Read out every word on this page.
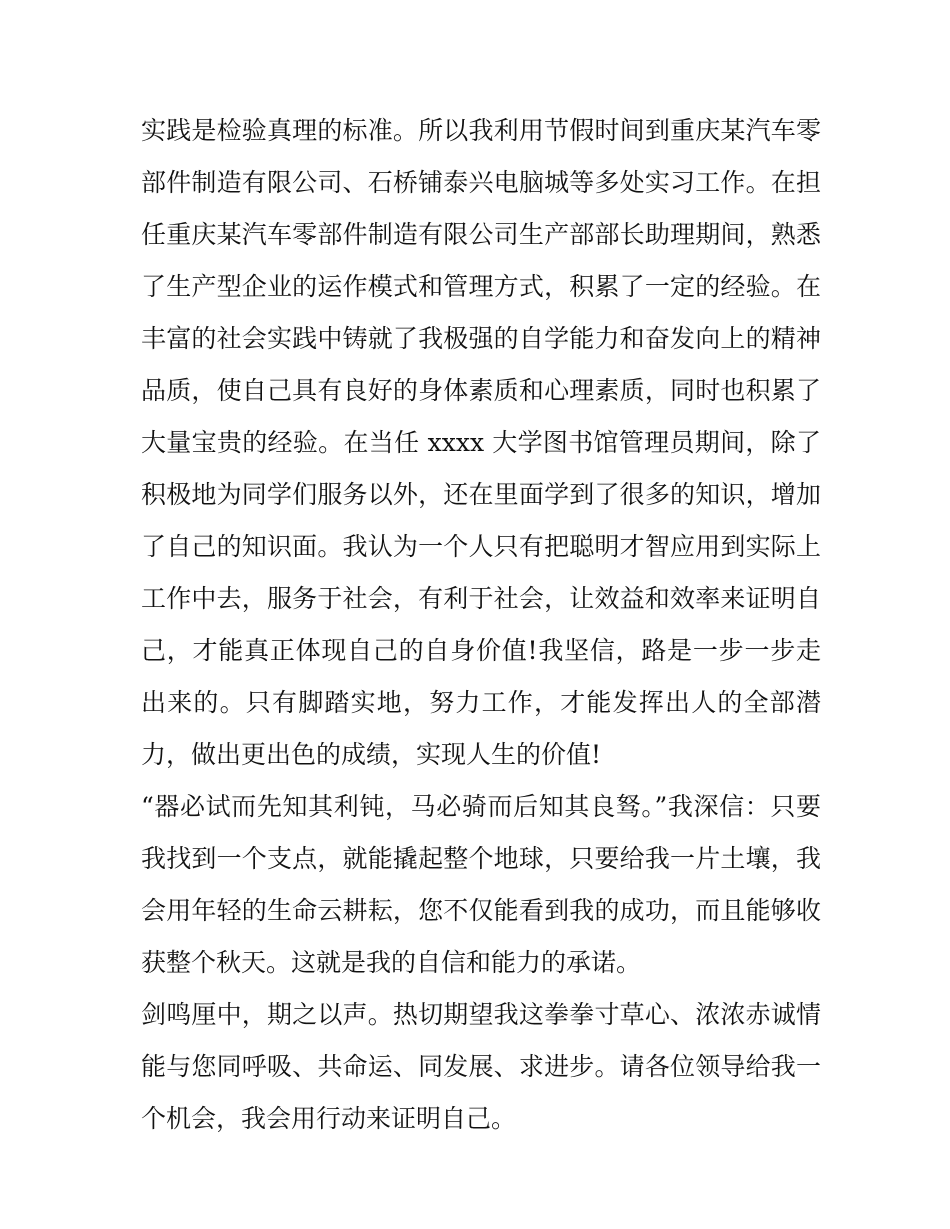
实践是检验真理的标准。所以我利用节假时间到重庆某汽车零
部件制造有限公司、石桥铺泰兴电脑城等多处实习工作。在担
任重庆某汽车零部件制造有限公司生产部部长助理期间，熟悉
了生产型企业的运作模式和管理方式，积累了一定的经验。在
丰富的社会实践中铸就了我极强的自学能力和奋发向上的精神
品质，使自己具有良好的身体素质和心理素质，同时也积累了
大量宝贵的经验。在当任 xxxx 大学图书馆管理员期间，除了
积极地为同学们服务以外，还在里面学到了很多的知识，增加
了自己的知识面。我认为一个人只有把聪明才智应用到实际上
工作中去，服务于社会，有利于社会，让效益和效率来证明自
己，才能真正体现自己的自身价值!我坚信，路是一步一步走
出来的。只有脚踏实地，努力工作，才能发挥出人的全部潜
力，做出更出色的成绩，实现人生的价值!
“器必试而先知其利钝，马必骑而后知其良驽。”我深信：只要
我找到一个支点，就能撬起整个地球，只要给我一片土壤，我
会用年轻的生命云耕耘，您不仅能看到我的成功，而且能够收
获整个秋天。这就是我的自信和能力的承诺。
剑鸣厘中，期之以声。热切期望我这拳拳寸草心、浓浓赤诚情
能与您同呼吸、共命运、同发展、求进步。请各位领导给我一
个机会，我会用行动来证明自己。
